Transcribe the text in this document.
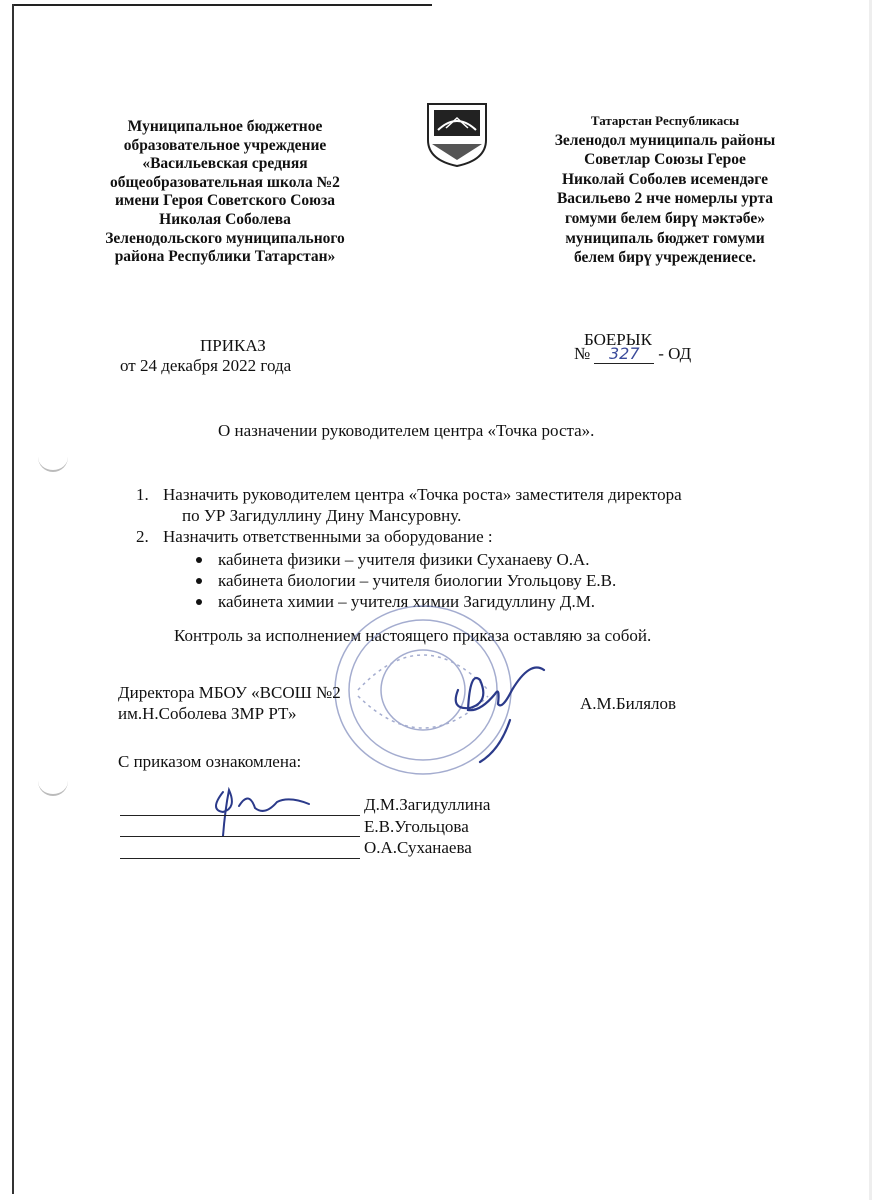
Муниципальное бюджетное
образовательное учреждение
«Васильевская средняя
общеобразовательная школа №2
имени Героя Советского Союза
Николая Соболева
Зеленодольского муниципального
района Республики Татарстан»
Татарстан Республикасы
Зеленодол муниципаль районы
Советлар Союзы Герое
Николай Соболев исемендәге
Васильево 2 нче номерлы урта
гомуми белем бирү мәктәбе»
муниципаль бюджет гомуми
белем бирү учреждениесе.
ПРИКАЗ
от 24 декабря 2022 года
БОЕРЫК
№	327	- ОД
О назначении руководителем центра «Точка роста».
1. Назначить руководителем центра «Точка роста» заместителя директора
по УР Загидуллину Дину Мансуровну.
2. Назначить ответственными за оборудование :
кабинета физики – учителя физики Суханаеву О.А.
кабинета биологии – учителя биологии Угольцову Е.В.
кабинета химии – учителя химии Загидуллину Д.М.
Контроль за исполнением настоящего приказа оставляю за собой.
Директора МБОУ «ВСОШ №2
им.Н.Соболева ЗМР РТ»
А.М.Билялов
С приказом ознакомлена:
Д.М.Загидуллина
Е.В.Угольцова
О.А.Суханаева
